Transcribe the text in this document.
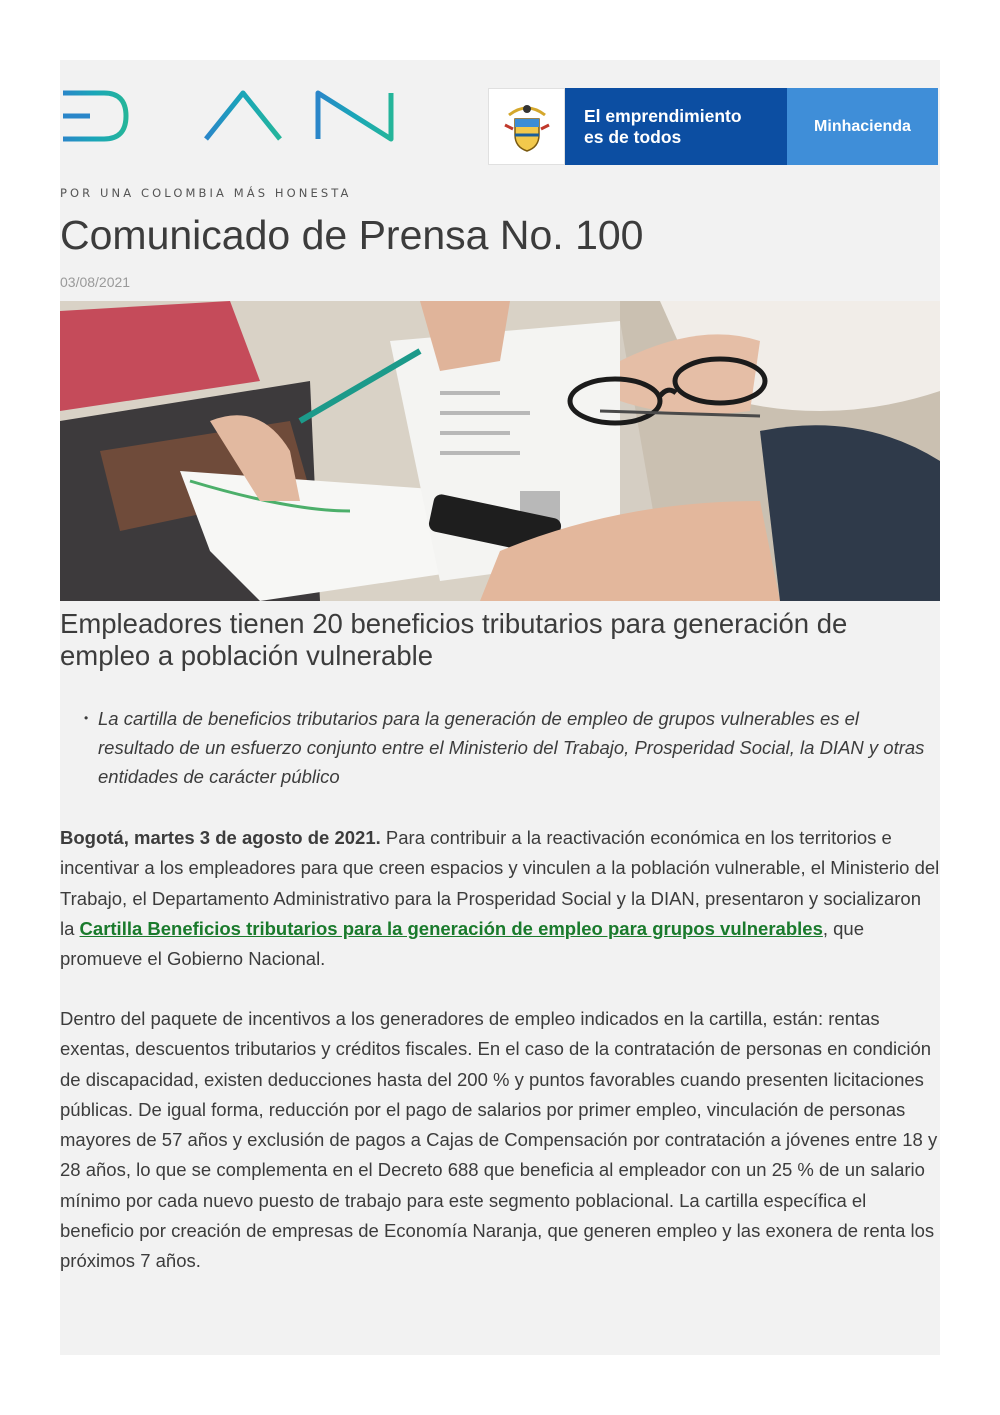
POR UNA COLOMBIA MÁS HONESTA
El emprendimiento
es de todos
Minhacienda
Comunicado de Prensa No. 100
03/08/2021
Empleadores tienen 20 beneficios tributarios para generación de empleo a población vulnerable
• La cartilla de beneficios tributarios para la generación de empleo de grupos vulnerables es el resultado de un esfuerzo conjunto entre el Ministerio del Trabajo, Prosperidad Social, la DIAN y otras entidades de carácter público

Bogotá, martes 3 de agosto de 2021. Para contribuir a la reactivación económica en los territorios e incentivar a los empleadores para que creen espacios y vinculen a la población vulnerable, el Ministerio del Trabajo, el Departamento Administrativo para la Prosperidad Social y la DIAN, presentaron y socializaron la Cartilla Beneficios tributarios para la generación de empleo para grupos vulnerables, que promueve el Gobierno Nacional.

Dentro del paquete de incentivos a los generadores de empleo indicados en la cartilla, están: rentas exentas, descuentos tributarios y créditos fiscales. En el caso de la contratación de personas en condición de discapacidad, existen deducciones hasta del 200 % y puntos favorables cuando presenten licitaciones públicas. De igual forma, reducción por el pago de salarios por primer empleo, vinculación de personas mayores de 57 años y exclusión de pagos a Cajas de Compensación por contratación a jóvenes entre 18 y 28 años, lo que se complementa en el Decreto 688 que beneficia al empleador con un 25 % de un salario mínimo por cada nuevo puesto de trabajo para este segmento poblacional. La cartilla específica el beneficio por creación de empresas de Economía Naranja, que generen empleo y las exonera de renta los próximos 7 años.
